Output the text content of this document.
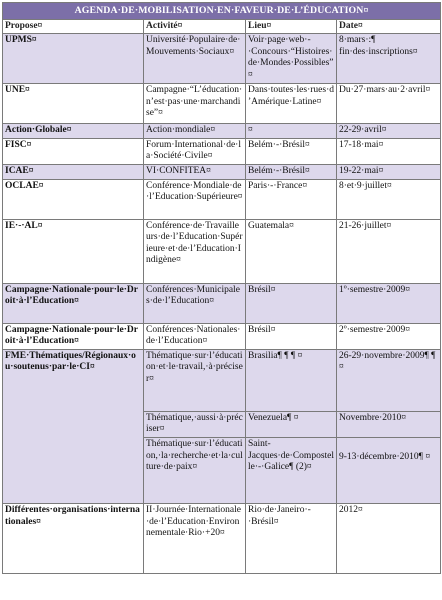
AGENDA·DE·MOBILISATION·EN·FAVEUR·DE·L’ÉDUCATION¤			
Propose¤	Activité¤	Lieu¤	Date¤
UPMS¤	Université·Populaire·de·Mouvements·Sociaux¤	Voir·page·web·-·Concours·“Histoires·de·Mondes·Possibles”¤	8·mars·:¶ fin·des·inscriptions¤
UNE¤	Campagne·“L’éducation·n’est·pas·une·marchandise”¤	Dans·toutes·les·rues·d’Amérique·Latine¤	Du·27·mars·au·2·avril¤
Action·Globale¤	Action·mondiale¤	¤	22-29·avril¤
FISC¤	Forum·International·de·la·Société·Civile¤	Belém·-·Brésil¤	17-18·mai¤
ICAE¤	VI·CONFITEA¤	Belém·-·Brésil¤	19-22·mai¤
OCLAE¤	Conférence·Mondiale·de·l’Education·Supérieure¤	Paris·-·France¤	8·et·9·juillet¤
IE·-·AL¤	Conférence·de·Travailleurs·de·l’Education·Supérieure·et·de·l’Education·Indigène¤	Guatemala¤	21-26·juillet¤
Campagne·Nationale·pour·le·Droit·à·l’Education¤	Conférences·Municipales·de·l’Education¤	Brésil¤	1º·semestre·2009¤
Campagne·Nationale·pour·le·Droit·à·l’Education¤	Conférences·Nationales·de·l’Education¤	Brésil¤	2º·semestre·2009¤
FME·Thématiques/Régionaux·ou·soutenus·par·le·CI¤	Thématique·sur·l’éducation·et·le·travail,·à·préciser¤	Brasilia¶ ¶ ¶ ¤	26-29·novembre·2009¶ ¶ ¤
	Thématique,·aussi·à·préciser¤	Venezuela¶ ¤	Novembre·2010¤
	Thématique·sur·l’éducation,·la·recherche·et·la·culture·de·paix¤	Saint-Jacques·de·Compostelle·-·Galice¶ (2)¤	9-13·décembre·2010¶ ¤
Différentes·organisations·internationales¤	II·Journée·Internationale·de·l’Education·Environnementale·Rio·+20¤	Rio·de·Janeiro·-·Brésil¤	2012¤
